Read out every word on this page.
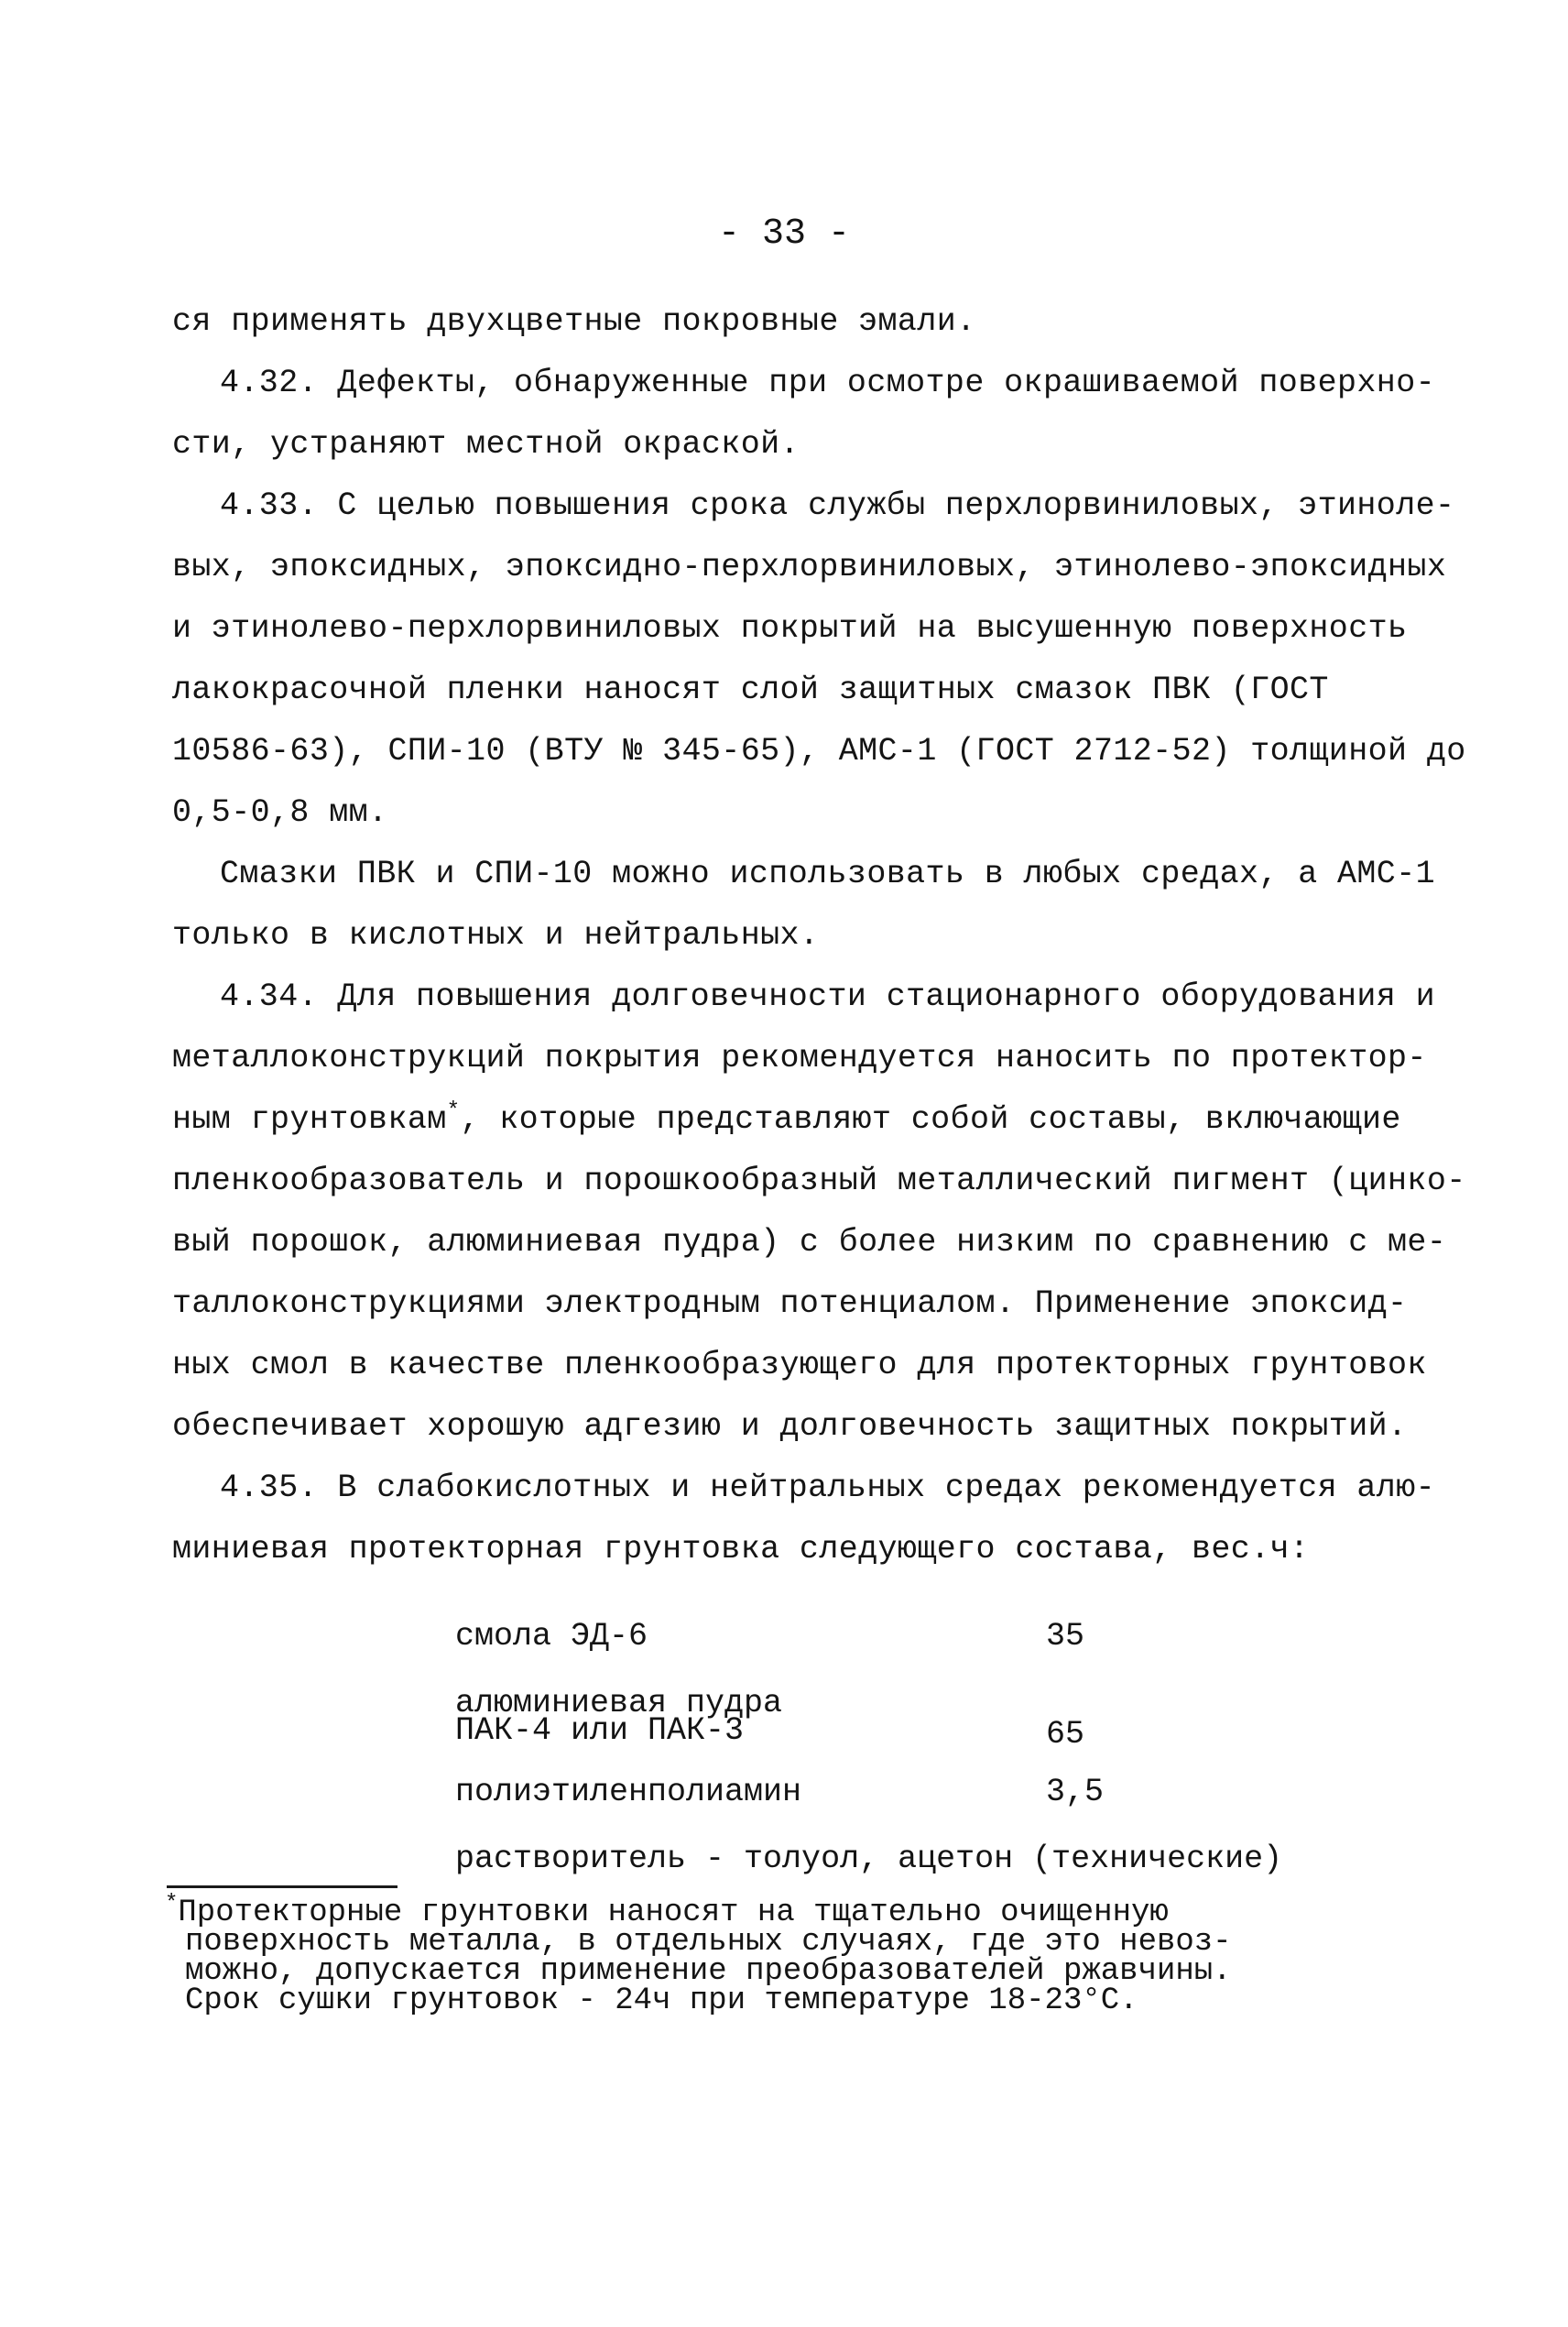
- 33 -
ся применять двухцветные покровные эмали.
4.32. Дефекты, обнаруженные при осмотре окрашиваемой поверхно-
сти, устраняют местной окраской.
4.33. С целью повышения срока службы перхлорвиниловых, этиноле-
вых, эпоксидных, эпоксидно-перхлорвиниловых, этинолево-эпоксидных
и этинолево-перхлорвиниловых покрытий на высушенную поверхность
лакокрасочной пленки наносят слой защитных смазок ПВК (ГОСТ
10586-63), СПИ-10 (ВТУ № 345-65), АМС-1 (ГОСТ 2712-52) толщиной до
0,5-0,8 мм.
Смазки ПВК и СПИ-10 можно использовать в любых средах, а АМС-1
только в кислотных и нейтральных.
4.34. Для повышения долговечности стационарного оборудования и
металлоконструкций покрытия рекомендуется наносить по протектор-
ным грунтовкам*, которые представляют собой составы, включающие
пленкообразователь и порошкообразный металлический пигмент (цинко-
вый порошок, алюминиевая пудра) с более низким по сравнению с ме-
таллоконструкциями электродным потенциалом. Применение эпоксид-
ных смол в качестве пленкообразующего для протекторных грунтовок
обеспечивает хорошую адгезию и долговечность защитных покрытий.
4.35. В слабокислотных и нейтральных средах рекомендуется алю-
миниевая протекторная грунтовка следующего состава, вес.ч:
смола ЭД-6	35
алюминиевая пудра
ПАК-4 или ПАК-3	65
полиэтиленполиамин	3,5
растворитель - толуол, ацетон (технические)
*Протекторные грунтовки наносят на тщательно очищенную
поверхность металла, в отдельных случаях, где это невоз-
можно, допускается применение преобразователей ржавчины.
Срок сушки грунтовок - 24ч при температуре 18-23°С.
